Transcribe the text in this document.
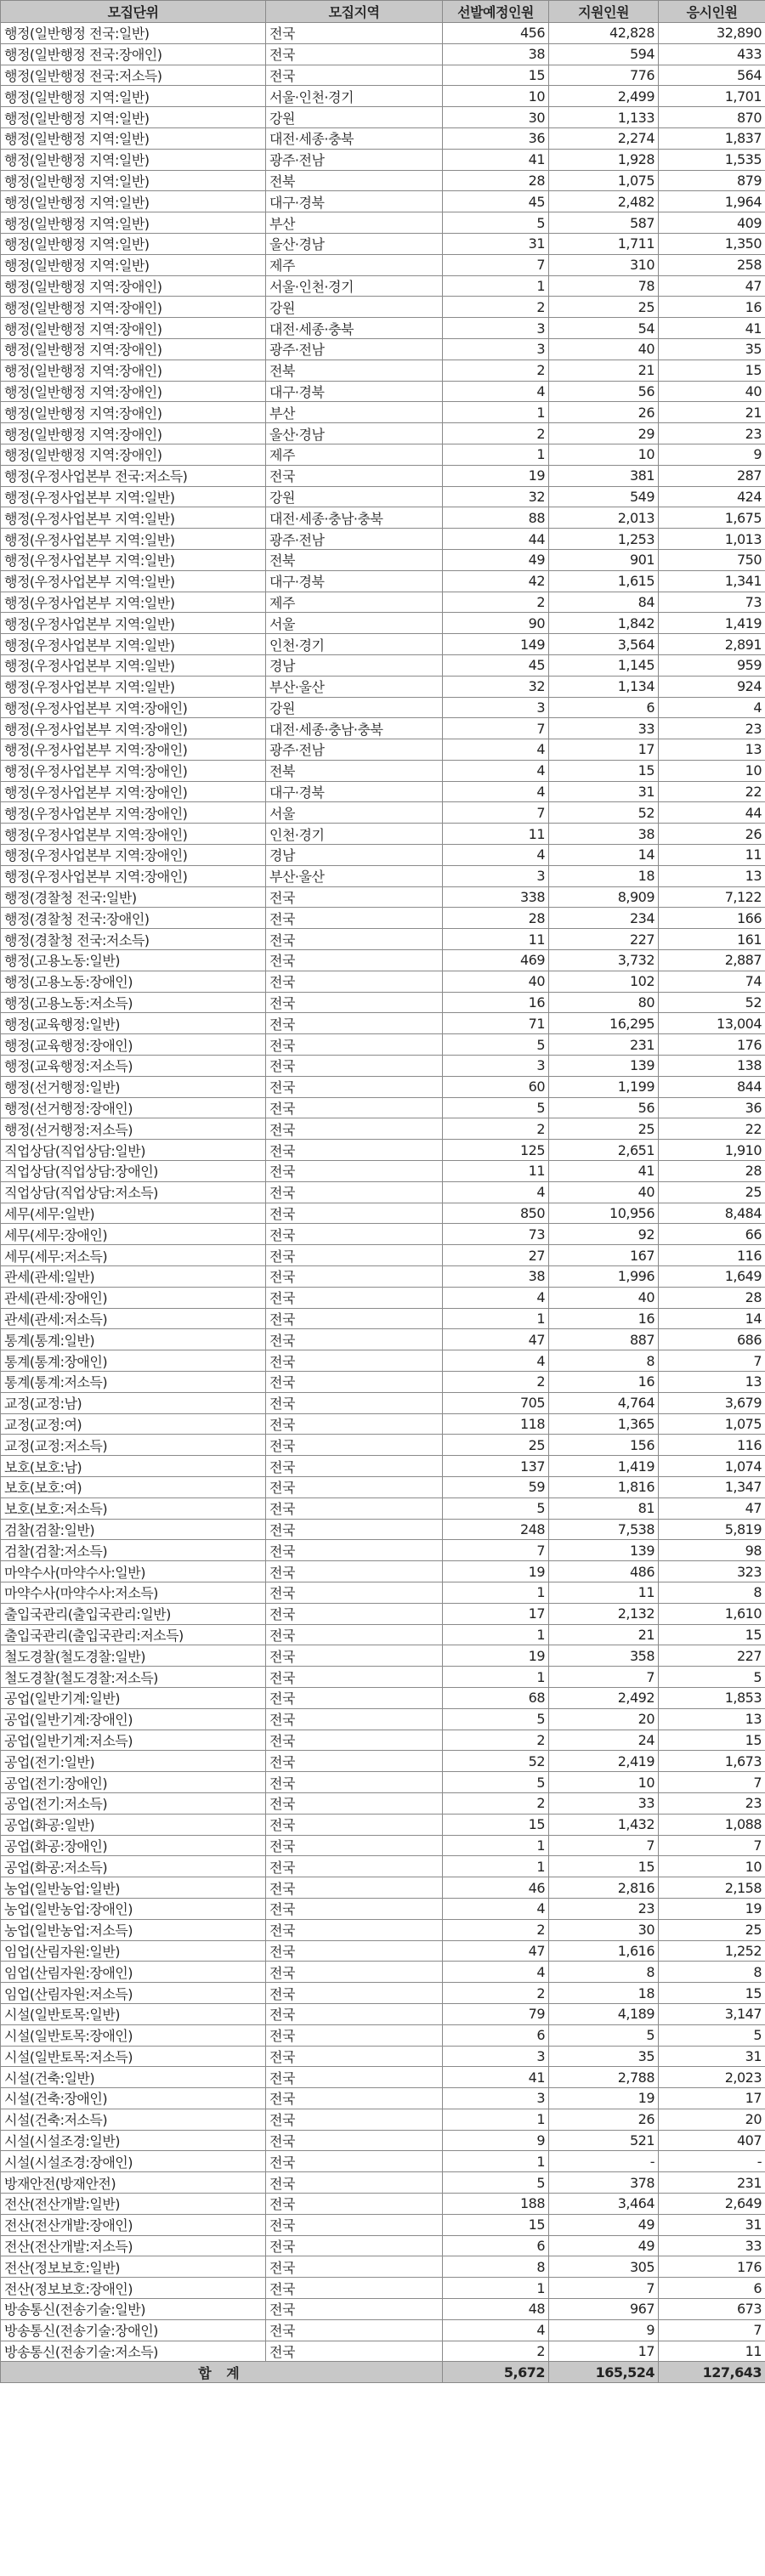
모집단위	모집지역	선발예정인원	지원인원	응시인원
행정(일반행정 전국:일반)	전국	456	42,828	32,890
행정(일반행정 전국:장애인)	전국	38	594	433
행정(일반행정 전국:저소득)	전국	15	776	564
행정(일반행정 지역:일반)	서울·인천·경기	10	2,499	1,701
행정(일반행정 지역:일반)	강원	30	1,133	870
행정(일반행정 지역:일반)	대전·세종·충북	36	2,274	1,837
행정(일반행정 지역:일반)	광주·전남	41	1,928	1,535
행정(일반행정 지역:일반)	전북	28	1,075	879
행정(일반행정 지역:일반)	대구·경북	45	2,482	1,964
행정(일반행정 지역:일반)	부산	5	587	409
행정(일반행정 지역:일반)	울산·경남	31	1,711	1,350
행정(일반행정 지역:일반)	제주	7	310	258
행정(일반행정 지역:장애인)	서울·인천·경기	1	78	47
행정(일반행정 지역:장애인)	강원	2	25	16
행정(일반행정 지역:장애인)	대전·세종·충북	3	54	41
행정(일반행정 지역:장애인)	광주·전남	3	40	35
행정(일반행정 지역:장애인)	전북	2	21	15
행정(일반행정 지역:장애인)	대구·경북	4	56	40
행정(일반행정 지역:장애인)	부산	1	26	21
행정(일반행정 지역:장애인)	울산·경남	2	29	23
행정(일반행정 지역:장애인)	제주	1	10	9
행정(우정사업본부 전국:저소득)	전국	19	381	287
행정(우정사업본부 지역:일반)	강원	32	549	424
행정(우정사업본부 지역:일반)	대전·세종·충남·충북	88	2,013	1,675
행정(우정사업본부 지역:일반)	광주·전남	44	1,253	1,013
행정(우정사업본부 지역:일반)	전북	49	901	750
행정(우정사업본부 지역:일반)	대구·경북	42	1,615	1,341
행정(우정사업본부 지역:일반)	제주	2	84	73
행정(우정사업본부 지역:일반)	서울	90	1,842	1,419
행정(우정사업본부 지역:일반)	인천·경기	149	3,564	2,891
행정(우정사업본부 지역:일반)	경남	45	1,145	959
행정(우정사업본부 지역:일반)	부산·울산	32	1,134	924
행정(우정사업본부 지역:장애인)	강원	3	6	4
행정(우정사업본부 지역:장애인)	대전·세종·충남·충북	7	33	23
행정(우정사업본부 지역:장애인)	광주·전남	4	17	13
행정(우정사업본부 지역:장애인)	전북	4	15	10
행정(우정사업본부 지역:장애인)	대구·경북	4	31	22
행정(우정사업본부 지역:장애인)	서울	7	52	44
행정(우정사업본부 지역:장애인)	인천·경기	11	38	26
행정(우정사업본부 지역:장애인)	경남	4	14	11
행정(우정사업본부 지역:장애인)	부산·울산	3	18	13
행정(경찰청 전국:일반)	전국	338	8,909	7,122
행정(경찰청 전국:장애인)	전국	28	234	166
행정(경찰청 전국:저소득)	전국	11	227	161
행정(고용노동:일반)	전국	469	3,732	2,887
행정(고용노동:장애인)	전국	40	102	74
행정(고용노동:저소득)	전국	16	80	52
행정(교육행정:일반)	전국	71	16,295	13,004
행정(교육행정:장애인)	전국	5	231	176
행정(교육행정:저소득)	전국	3	139	138
행정(선거행정:일반)	전국	60	1,199	844
행정(선거행정:장애인)	전국	5	56	36
행정(선거행정:저소득)	전국	2	25	22
직업상담(직업상담:일반)	전국	125	2,651	1,910
직업상담(직업상담:장애인)	전국	11	41	28
직업상담(직업상담:저소득)	전국	4	40	25
세무(세무:일반)	전국	850	10,956	8,484
세무(세무:장애인)	전국	73	92	66
세무(세무:저소득)	전국	27	167	116
관세(관세:일반)	전국	38	1,996	1,649
관세(관세:장애인)	전국	4	40	28
관세(관세:저소득)	전국	1	16	14
통계(통계:일반)	전국	47	887	686
통계(통계:장애인)	전국	4	8	7
통계(통계:저소득)	전국	2	16	13
교정(교정:남)	전국	705	4,764	3,679
교정(교정:여)	전국	118	1,365	1,075
교정(교정:저소득)	전국	25	156	116
보호(보호:남)	전국	137	1,419	1,074
보호(보호:여)	전국	59	1,816	1,347
보호(보호:저소득)	전국	5	81	47
검찰(검찰:일반)	전국	248	7,538	5,819
검찰(검찰:저소득)	전국	7	139	98
마약수사(마약수사:일반)	전국	19	486	323
마약수사(마약수사:저소득)	전국	1	11	8
출입국관리(출입국관리:일반)	전국	17	2,132	1,610
출입국관리(출입국관리:저소득)	전국	1	21	15
철도경찰(철도경찰:일반)	전국	19	358	227
철도경찰(철도경찰:저소득)	전국	1	7	5
공업(일반기계:일반)	전국	68	2,492	1,853
공업(일반기계:장애인)	전국	5	20	13
공업(일반기계:저소득)	전국	2	24	15
공업(전기:일반)	전국	52	2,419	1,673
공업(전기:장애인)	전국	5	10	7
공업(전기:저소득)	전국	2	33	23
공업(화공:일반)	전국	15	1,432	1,088
공업(화공:장애인)	전국	1	7	7
공업(화공:저소득)	전국	1	15	10
농업(일반농업:일반)	전국	46	2,816	2,158
농업(일반농업:장애인)	전국	4	23	19
농업(일반농업:저소득)	전국	2	30	25
임업(산림자원:일반)	전국	47	1,616	1,252
임업(산림자원:장애인)	전국	4	8	8
임업(산림자원:저소득)	전국	2	18	15
시설(일반토목:일반)	전국	79	4,189	3,147
시설(일반토목:장애인)	전국	6	5	5
시설(일반토목:저소득)	전국	3	35	31
시설(건축:일반)	전국	41	2,788	2,023
시설(건축:장애인)	전국	3	19	17
시설(건축:저소득)	전국	1	26	20
시설(시설조경:일반)	전국	9	521	407
시설(시설조경:장애인)	전국	1	-	-
방재안전(방재안전)	전국	5	378	231
전산(전산개발:일반)	전국	188	3,464	2,649
전산(전산개발:장애인)	전국	15	49	31
전산(전산개발:저소득)	전국	6	49	33
전산(정보보호:일반)	전국	8	305	176
전산(정보보호:장애인)	전국	1	7	6
방송통신(전송기술:일반)	전국	48	967	673
방송통신(전송기술:장애인)	전국	4	9	7
방송통신(전송기술:저소득)	전국	2	17	11
합 계		5,672	165,524	127,643
